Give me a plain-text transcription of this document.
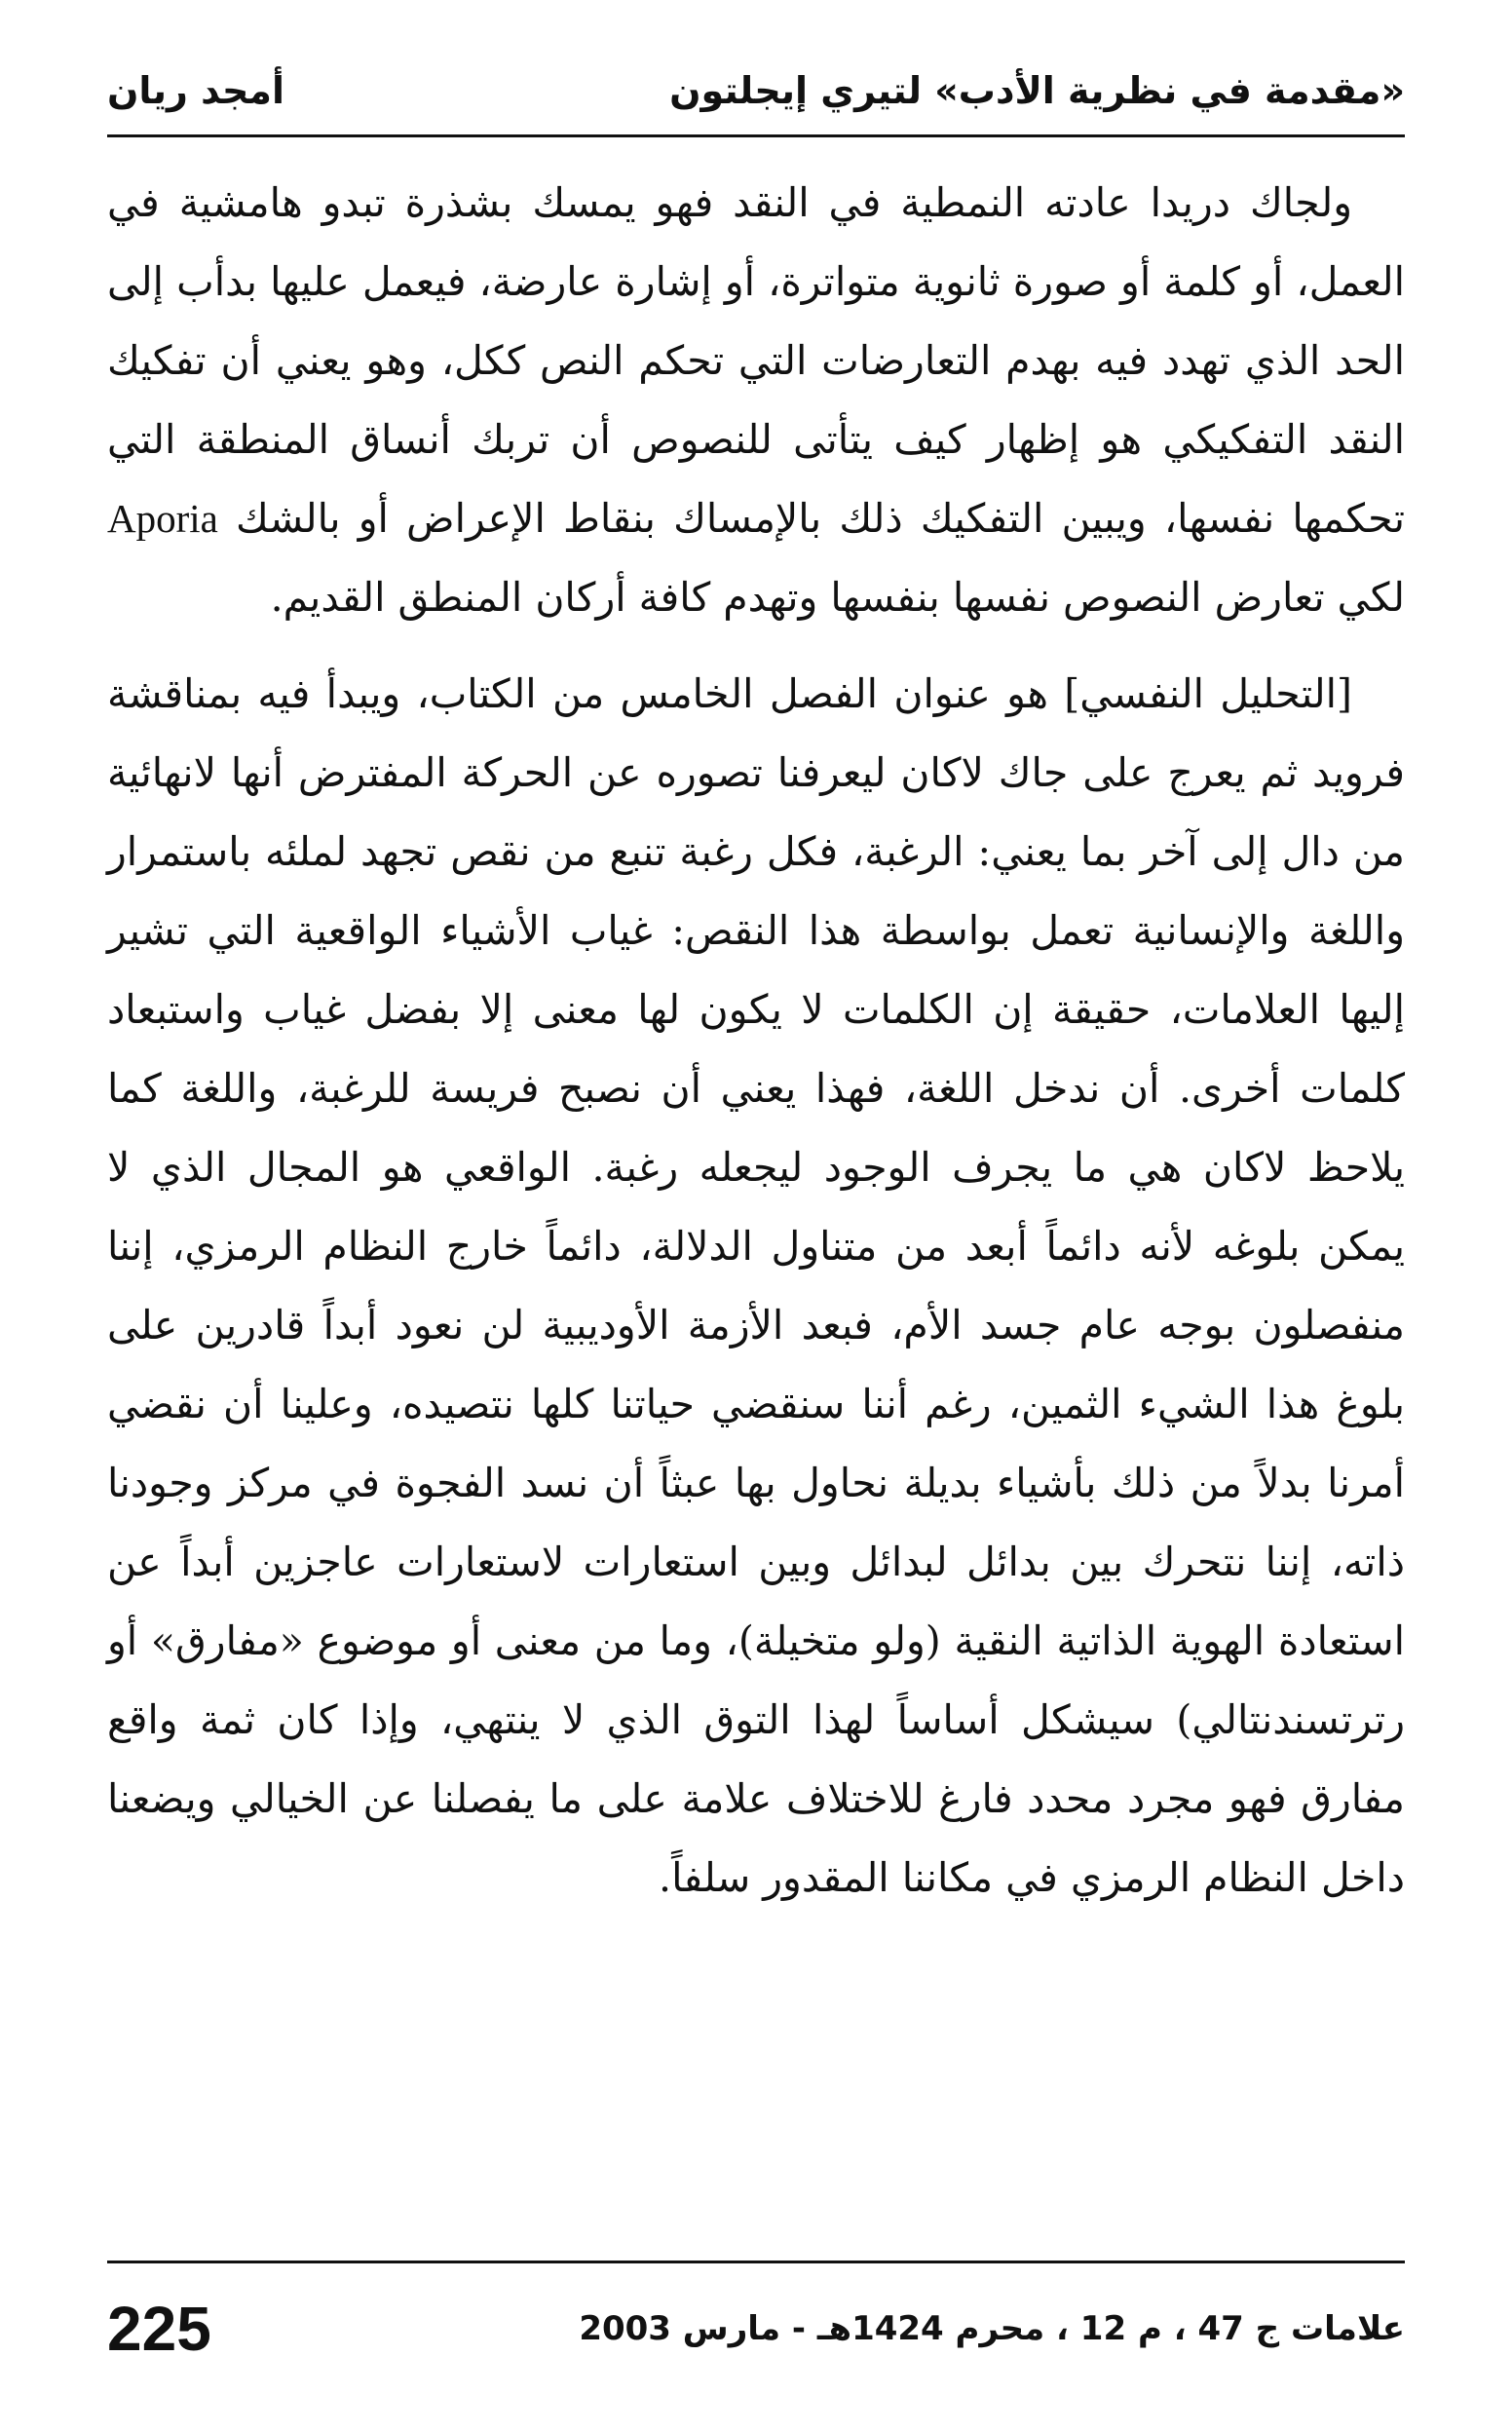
«مقدمة في نظرية الأدب» لتيري إيجلتون
أمجد ريان

ولجاك دريدا عادته النمطية في النقد فهو يمسك بشذرة تبدو هامشية في العمل، أو كلمة أو صورة ثانوية متواترة، أو إشارة عارضة، فيعمل عليها بدأب إلى الحد الذي تهدد فيه بهدم التعارضات التي تحكم النص ككل، وهو يعني أن تفكيك النقد التفكيكي هو إظهار كيف يتأتى للنصوص أن تربك أنساق المنطقة التي تحكمها نفسها، ويبين التفكيك ذلك بالإمساك بنقاط الإعراض أو بالشك Aporia لكي تعارض النصوص نفسها بنفسها وتهدم كافة أركان المنطق القديم.

[التحليل النفسي] هو عنوان الفصل الخامس من الكتاب، ويبدأ فيه بمناقشة فرويد ثم يعرج على جاك لاكان ليعرفنا تصوره عن الحركة المفترض أنها لانهائية من دال إلى آخر بما يعني: الرغبة، فكل رغبة تنبع من نقص تجهد لملئه باستمرار واللغة والإنسانية تعمل بواسطة هذا النقص: غياب الأشياء الواقعية التي تشير إليها العلامات، حقيقة إن الكلمات لا يكون لها معنى إلا بفضل غياب واستبعاد كلمات أخرى. أن ندخل اللغة، فهذا يعني أن نصبح فريسة للرغبة، واللغة كما يلاحظ لاكان هي ما يجرف الوجود ليجعله رغبة. الواقعي هو المجال الذي لا يمكن بلوغه لأنه دائماً أبعد من متناول الدلالة، دائماً خارج النظام الرمزي، إننا منفصلون بوجه عام جسد الأم، فبعد الأزمة الأوديبية لن نعود أبداً قادرين على بلوغ هذا الشيء الثمين، رغم أننا سنقضي حياتنا كلها نتصيده، وعلينا أن نقضي أمرنا بدلاً من ذلك بأشياء بديلة نحاول بها عبثاً أن نسد الفجوة في مركز وجودنا ذاته، إننا نتحرك بين بدائل لبدائل وبين استعارات لاستعارات عاجزين أبداً عن استعادة الهوية الذاتية النقية (ولو متخيلة)، وما من معنى أو موضوع «مفارق» أو رترتسندنتالي) سيشكل أساساً لهذا التوق الذي لا ينتهي، وإذا كان ثمة واقع مفارق فهو مجرد محدد فارغ للاختلاف علامة على ما يفصلنا عن الخيالي ويضعنا داخل النظام الرمزي في مكاننا المقدور سلفاً.

علامات ج 47 ، م 12 ، محرم 1424هـ - مارس 2003
225
